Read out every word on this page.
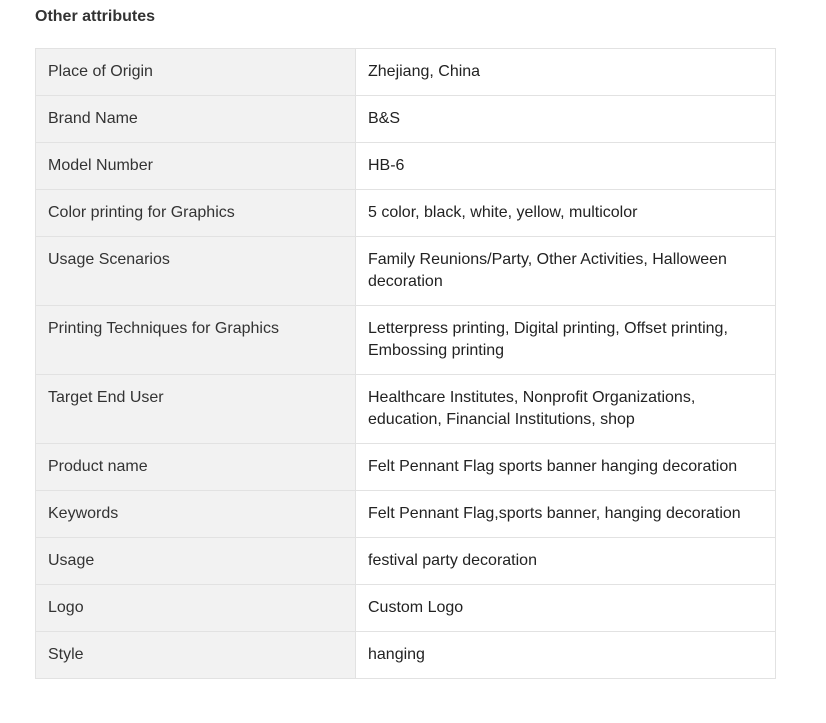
Other attributes
Place of Origin	Zhejiang, China
Brand Name	B&S
Model Number	HB-6
Color printing for Graphics	5 color, black, white, yellow, multicolor
Usage Scenarios	Family Reunions/Party, Other Activities, Halloween decoration
Printing Techniques for Graphics	Letterpress printing, Digital printing, Offset printing, Embossing printing
Target End User	Healthcare Institutes, Nonprofit Organizations, education, Financial Institutions, shop
Product name	Felt Pennant Flag sports banner hanging decoration
Keywords	Felt Pennant Flag,sports banner, hanging decoration
Usage	festival party decoration
Logo	Custom Logo
Style	hanging
